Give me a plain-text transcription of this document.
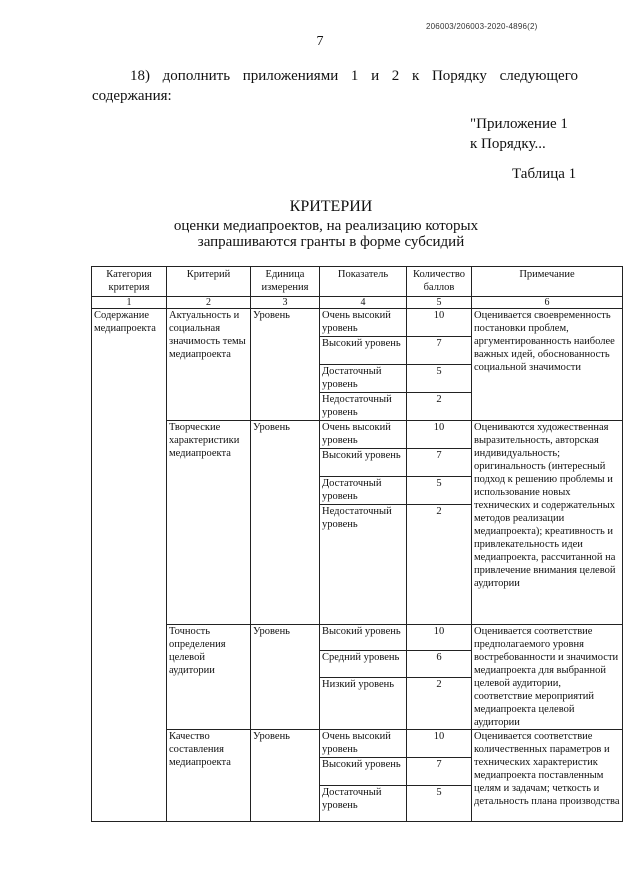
206003/206003-2020-4896(2)
7
18) дополнить приложениями 1 и 2 к Порядку следующего
содержания:
"Приложение 1
к Порядку...
Таблица 1
КРИТЕРИИ
оценки медиапроектов, на реализацию которых
запрашиваются гранты в форме субсидий
Категория критерия	Критерий	Единица измерения	Показатель	Количество баллов	Примечание
1	2	3	4	5	6
Содержание медиапроекта	Актуальность и социальная значимость темы медиапроекта	Уровень	Очень высокий уровень	10	Оценивается своевременность постановки проблем, аргументированность наиболее важных идей, обоснованность социальной значимости
			Высокий уровень	7	
			Достаточный уровень	5	
			Недостаточный уровень	2	
	Творческие характеристики медиапроекта	Уровень	Очень высокий уровень	10	Оцениваются художественная выразительность, авторская индивидуальность; оригинальность (интересный подход к решению проблемы и использование новых технических и содержательных методов реализации медиапроекта); креативность и привлекательность идеи медиапроекта, рассчитанной на привлечение внимания целевой аудитории
			Высокий уровень	7	
			Достаточный уровень	5	
			Недостаточный уровень	2	
	Точность определения целевой аудитории	Уровень	Высокий уровень	10	Оценивается соответствие предполагаемого уровня востребованности и значимости медиапроекта для выбранной целевой аудитории, соответствие мероприятий медиапроекта целевой аудитории
			Средний уровень	6	
			Низкий уровень	2	
	Качество составления медиапроекта	Уровень	Очень высокий уровень	10	Оценивается соответствие количественных параметров и технических характеристик медиапроекта поставленным целям и задачам; четкость и детальность плана производства
			Высокий уровень	7	
			Достаточный уровень	5	
